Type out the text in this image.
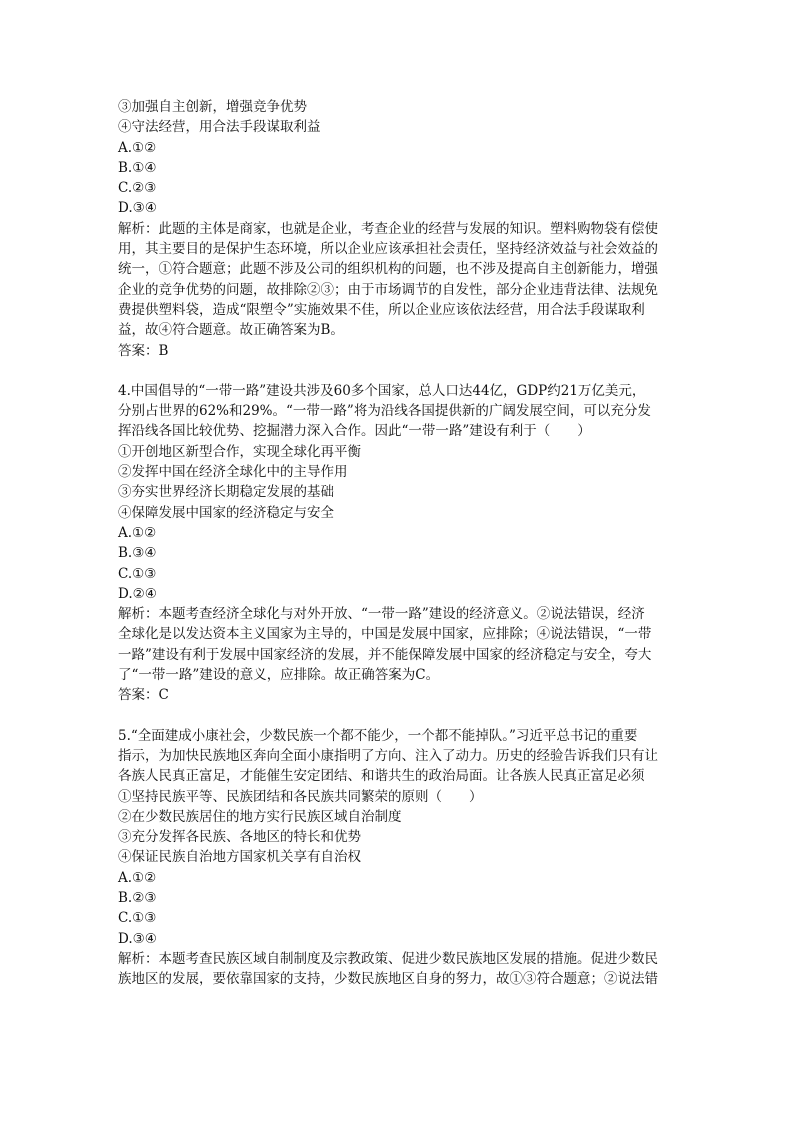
③加强自主创新，增强竞争优势
④守法经营，用合法手段谋取利益
A.①②
B.①④
C.②③
D.③④
解析：此题的主体是商家，也就是企业，考查企业的经营与发展的知识。塑料购物袋有偿使
用，其主要目的是保护生态环境，所以企业应该承担社会责任，坚持经济效益与社会效益的
统一，①符合题意；此题不涉及公司的组织机构的问题，也不涉及提高自主创新能力，增强
企业的竞争优势的问题，故排除②③；由于市场调节的自发性，部分企业违背法律、法规免
费提供塑料袋，造成“限塑令”实施效果不佳，所以企业应该依法经营，用合法手段谋取利
益，故④符合题意。故正确答案为B。
答案：B
4.中国倡导的“一带一路”建设共涉及60多个国家，总人口达44亿，GDP约21万亿美元，
分别占世界的62%和29%。“一带一路”将为沿线各国提供新的广阔发展空间，可以充分发
挥沿线各国比较优势、挖掘潜力深入合作。因此“一带一路”建设有利于（　　）
①开创地区新型合作，实现全球化再平衡
②发挥中国在经济全球化中的主导作用
③夯实世界经济长期稳定发展的基础
④保障发展中国家的经济稳定与安全
A.①②
B.③④
C.①③
D.②④
解析：本题考查经济全球化与对外开放、“一带一路”建设的经济意义。②说法错误，经济
全球化是以发达资本主义国家为主导的，中国是发展中国家，应排除；④说法错误，“一带
一路”建设有利于发展中国家经济的发展，并不能保障发展中国家的经济稳定与安全，夸大
了“一带一路”建设的意义，应排除。故正确答案为C。
答案：C
5.“全面建成小康社会，少数民族一个都不能少，一个都不能掉队。”习近平总书记的重要
指示，为加快民族地区奔向全面小康指明了方向、注入了动力。历史的经验告诉我们只有让
各族人民真正富足，才能催生安定团结、和谐共生的政治局面。让各族人民真正富足必须
①坚持民族平等、民族团结和各民族共同繁荣的原则（　　）
②在少数民族居住的地方实行民族区域自治制度
③充分发挥各民族、各地区的特长和优势
④保证民族自治地方国家机关享有自治权
A.①②
B.②③
C.①③
D.③④
解析：本题考查民族区域自制制度及宗教政策、促进少数民族地区发展的措施。促进少数民
族地区的发展，要依靠国家的支持，少数民族地区自身的努力，故①③符合题意；②说法错
